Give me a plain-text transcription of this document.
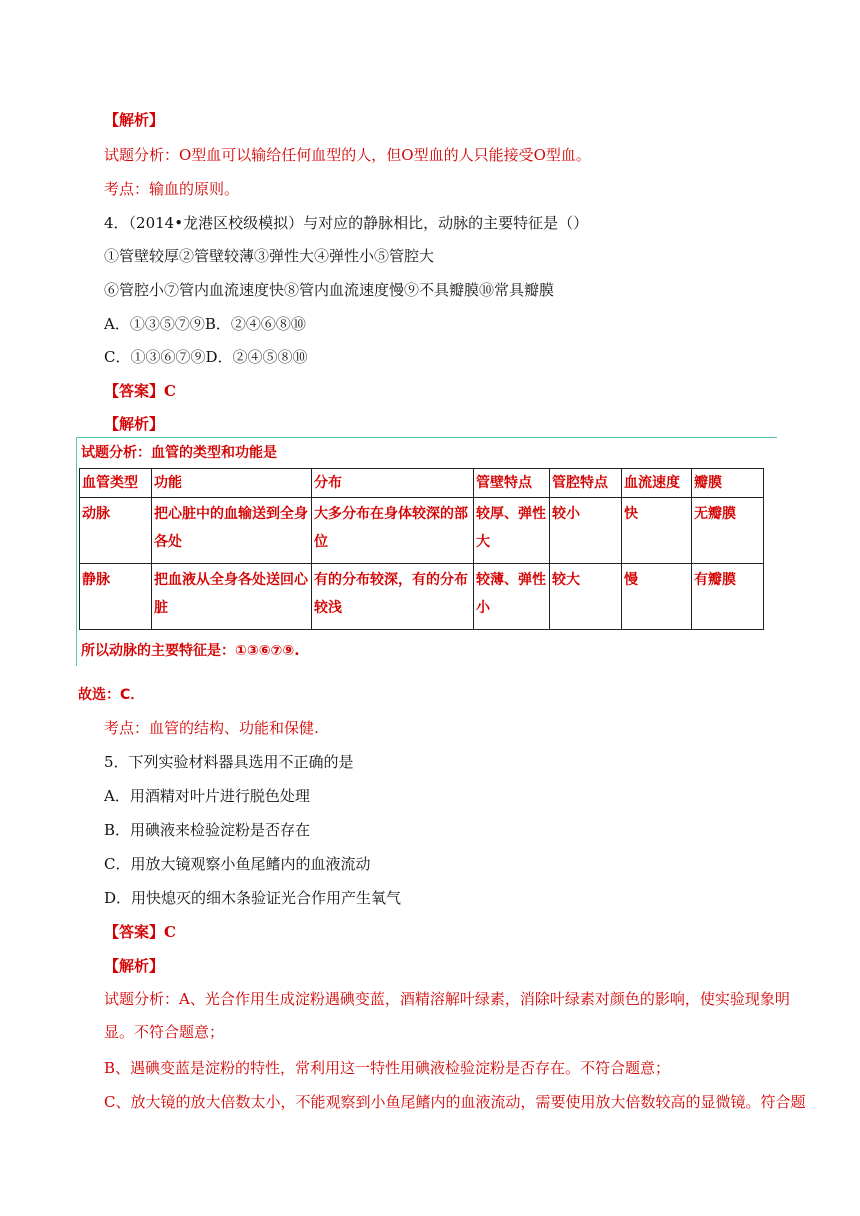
【解析】
试题分析：O型血可以输给任何血型的人，但O型血的人只能接受O型血。
考点：输血的原则。
4．（2014•龙港区校级模拟）与对应的静脉相比，动脉的主要特征是（）
①管壁较厚②管壁较薄③弹性大④弹性小⑤管腔大
⑥管腔小⑦管内血流速度快⑧管内血流速度慢⑨不具瓣膜⑩常具瓣膜
A．①③⑤⑦⑨B．②④⑥⑧⑩
C．①③⑥⑦⑨D．②④⑤⑧⑩
【答案】C
【解析】
试题分析：血管的类型和功能是
血管类型	功能	分布	管壁特点	管腔特点	血流速度	瓣膜
动脉	把心脏中的血输送到全身各处	大多分布在身体较深的部位	较厚、弹性大	较小	快	无瓣膜
静脉	把血液从全身各处送回心脏	有的分布较深，有的分布较浅	较薄、弹性小	较大	慢	有瓣膜
所以动脉的主要特征是：①③⑥⑦⑨.
故选：C．
考点：血管的结构、功能和保健.
5．下列实验材料器具选用不正确的是
A．用酒精对叶片进行脱色处理
B．用碘液来检验淀粉是否存在
C．用放大镜观察小鱼尾鳍内的血液流动
D．用快熄灭的细木条验证光合作用产生氧气
【答案】C
【解析】
试题分析：A、光合作用生成淀粉遇碘变蓝，酒精溶解叶绿素，消除叶绿素对颜色的影响，使实验现象明显。不符合题意；
B、遇碘变蓝是淀粉的特性，常利用这一特性用碘液检验淀粉是否存在。不符合题意；
C、放大镜的放大倍数太小，不能观察到小鱼尾鳍内的血液流动，需要使用放大倍数较高的显微镜。符合题
